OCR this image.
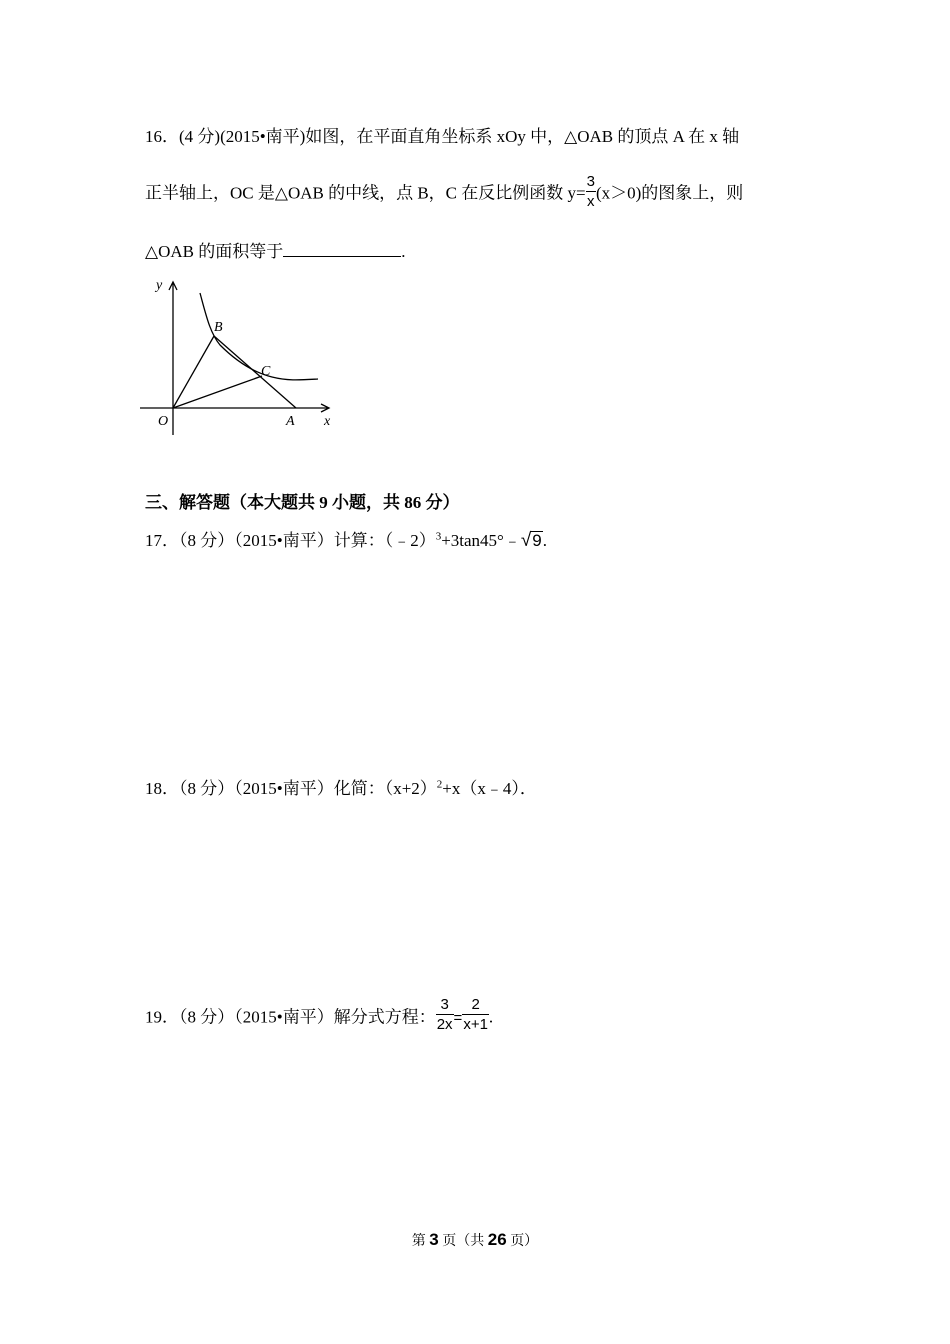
16．(4 分)(2015•南平)如图，在平面直角坐标系 xOy 中，△OAB 的顶点 A 在 x 轴
正半轴上，OC 是△OAB 的中线，点 B，C 在反比例函数 $y= \frac{3}{x} (x>0)$的图象上，则
△OAB 的面积等于	.
y
x
O	A
B
C
三、解答题（本大题共 9 小题，共 86 分）
17．（8 分）（2015•南平）计算：（﹣2）$^3$+3tan45°﹣√9.
18．（8 分）（2015•南平）化简：$(x+2)^2+x(x﹣4)$．
19．（8 分）（2015•南平）解分式方程： $\frac{3}{2x} = \frac{2}{x+1}$ .
第 3 页（共 26 页）
